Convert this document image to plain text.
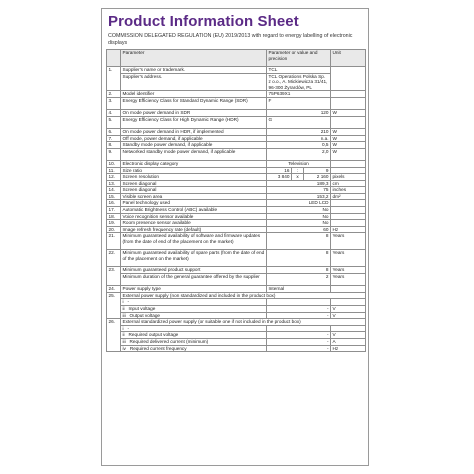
Product Information Sheet
COMMISSION DELEGATED REGULATION (EU) 2019/2013 with regard to energy labelling of electronic displays
	Parameter	Parameter or value and precision			Unit
1.	Supplier's name or trademark.	TCL			
	Supplier's address.	TCL Operations Polska Sp. z o.o., A. Mickiewicza 31/41, 96-300 Żyrardów, PL			
2.	Model identifier	75P639X1			
3.	Energy Efficiency Class for Standard Dynamic Range (SDR)	F			
4.	On mode power demand in SDR	120			W
5.	Energy Efficiency Class for High Dynamic Range (HDR)	G			
6.	On mode power demand in HDR, if implemented	210			W
7.	Off mode, power demand, if applicable	n.a.			W
8.	Standby mode power demand, if applicable	0,5			W
9.	Networked standby mode power demand, if applicable	2,0			W
10.	Electronic display category	Television			
11.	Size ratio	16	:	9	
12.	Screen resolution	3 840	x	2 160	pixels
13.	Screen diagonal	189,3			cm
14.	Screen diagonal	75			inches
15.	Visible screen area	153,2			dm²
16.	Panel technology used	LED LCD			
17.	Automatic Brightness Control (ABC) available	No			
18.	Voice recognition sensor available	No			
19.	Room presence sensor available	No			
20.	Image refresh frequency rate (default)	60			Hz
21.	Minimum guaranteed availability of software and firmware updates (from the date of end of the placement on the market)	8			Years
22.	Minimum guaranteed availability of spare parts (from the date of end of the placement on the market)	8			Years
23.	Minimum guaranteed product support	8			Years
	Minimum duration of the general guarantee offered by the supplier	2			Years
24.	Power supply type	Internal			
25.	External power supply (non standardized and included in the product box)				
	i -				
	ii Input voltage	-			V
	iii Output voltage	-			V
26.	External standardized power supply (or suitable one if not included in the product box)				
	i -				
	ii Required output voltage	-			V
	iii Required delivered current (minimum)	-			A
	iv Required current frequency	-			Hz
